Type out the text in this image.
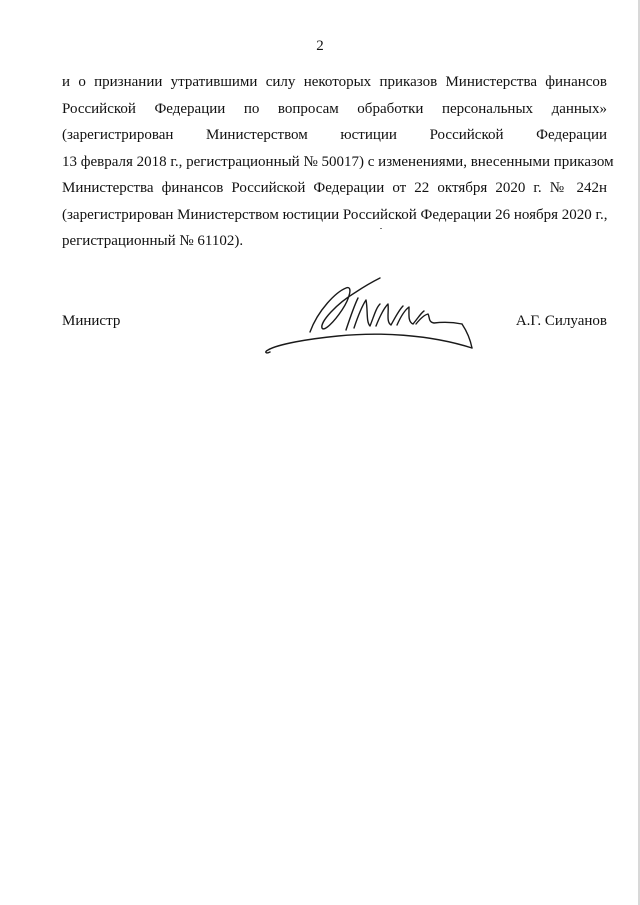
2
и о признании утратившими силу некоторых приказов Министерства финансов
Российской Федерации по вопросам обработки персональных данных»
(зарегистрирован Министерством юстиции Российской Федерации
13 февраля 2018 г., регистрационный № 50017) с изменениями, внесенными приказом
Министерства финансов Российской Федерации от 22 октября 2020 г. № 242н
(зарегистрирован Министерством юстиции Российской Федерации 26 ноября 2020 г.,
регистрационный № 61102).
Министр	А.Г. Силуанов
